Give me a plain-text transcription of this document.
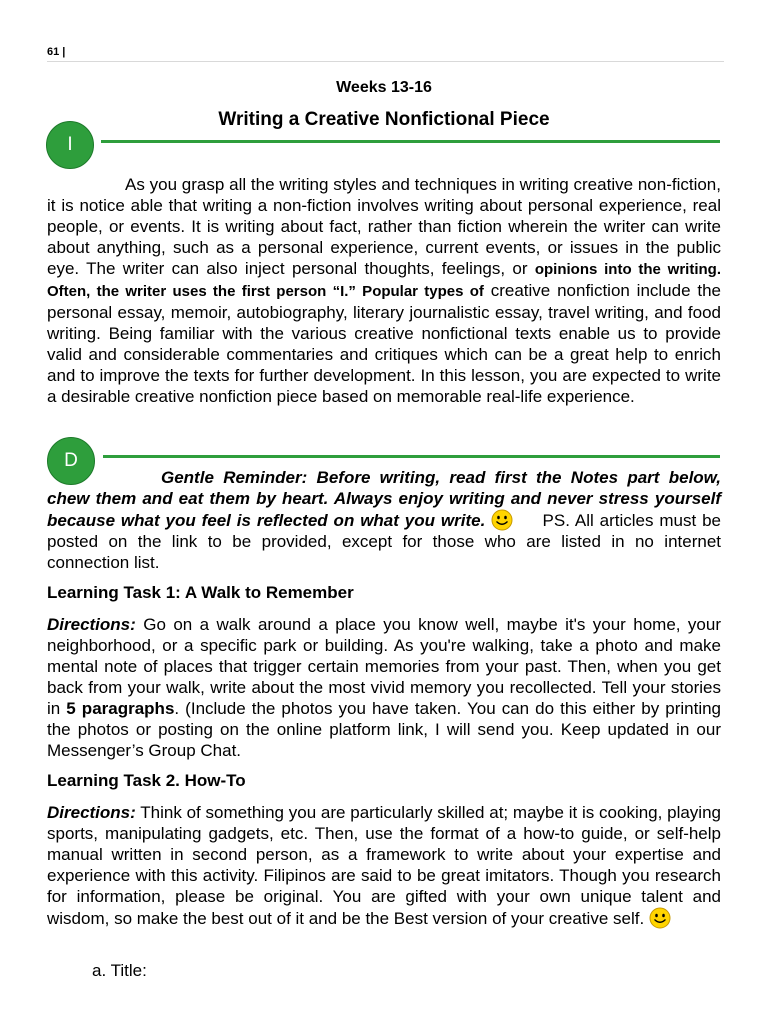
61 |
Weeks 13-16
Writing a Creative Nonfictional Piece
I
As you grasp all the writing styles and techniques in writing creative non-fiction, it is notice able that writing a non-fiction involves writing about personal experience, real people, or events. It is writing about fact, rather than fiction wherein the writer can write about anything, such as a personal experience, current events, or issues in the public eye. The writer can also inject personal thoughts, feelings, or opinions into the writing. Often, the writer uses the first person “I.” Popular types of creative nonfiction include the personal essay, memoir, autobiography, literary journalistic essay, travel writing, and food writing. Being familiar with the various creative nonfictional texts enable us to provide valid and considerable commentaries and critiques which can be a great help to enrich and to improve the texts for further development. In this lesson, you are expected to write a desirable creative nonfiction piece based on memorable real-life experience.
D
Gentle Reminder: Before writing, read first the Notes part below, chew them and eat them by heart. Always enjoy writing and never stress yourself because what you feel is reflected on what you write.	PS. All articles must be posted on the link to be provided, except for those who are listed in no internet connection list.
Learning Task 1: A Walk to Remember
Directions: Go on a walk around a place you know well, maybe it's your home, your neighborhood, or a specific park or building. As you're walking, take a photo and make mental note of places that trigger certain memories from your past. Then, when you get back from your walk, write about the most vivid memory you recollected. Tell your stories in 5 paragraphs. (Include the photos you have taken. You can do this either by printing the photos or posting on the online platform link, I will send you. Keep updated in our Messenger’s Group Chat.
Learning Task 2. How-To
Directions: Think of something you are particularly skilled at; maybe it is cooking, playing sports, manipulating gadgets, etc. Then, use the format of a how-to guide, or self-help manual written in second person, as a framework to write about your expertise and experience with this activity. Filipinos are said to be great imitators. Though you research for information, please be original. You are gifted with your own unique talent and wisdom, so make the best out of it and be the Best version of your creative self.
a. Title:
